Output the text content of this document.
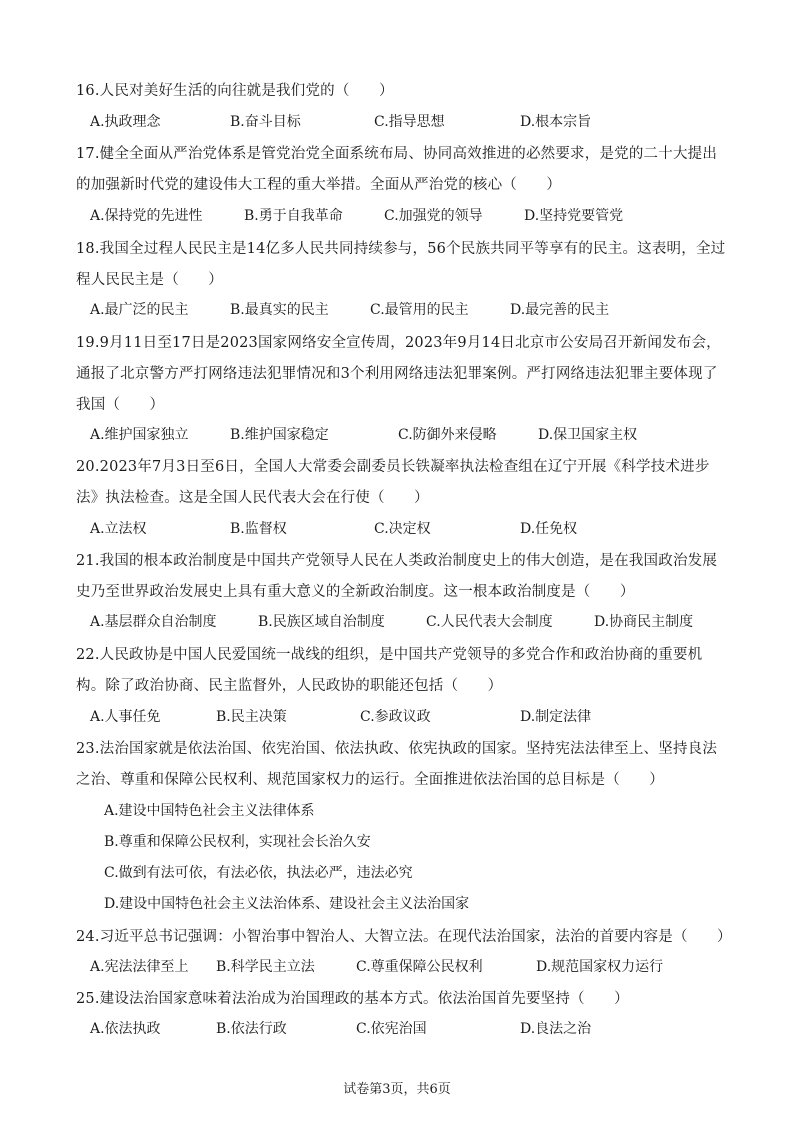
16.人民对美好生活的向往就是我们党的（　　）
A.执政理念	B.奋斗目标	C.指导思想	D.根本宗旨
17.健全全面从严治党体系是管党治党全面系统布局、协同高效推进的必然要求，是党的二十大提出的加强新时代党的建设伟大工程的重大举措。全面从严治党的核心（　　）
A.保持党的先进性	B.勇于自我革命	C.加强党的领导	D.坚持党要管党
18.我国全过程人民民主是14亿多人民共同持续参与，56个民族共同平等享有的民主。这表明，全过程人民民主是（　　）
A.最广泛的民主	B.最真实的民主	C.最管用的民主	D.最完善的民主
19.9月11日至17日是2023国家网络安全宣传周，2023年9月14日北京市公安局召开新闻发布会，通报了北京警方严打网络违法犯罪情况和3个利用网络违法犯罪案例。严打网络违法犯罪主要体现了我国（　　）
A.维护国家独立	B.维护国家稳定	C.防御外来侵略	D.保卫国家主权
20.2023年7月3日至6日，全国人大常委会副委员长铁凝率执法检查组在辽宁开展《科学技术进步法》执法检查。这是全国人民代表大会在行使（　　）
A.立法权	B.监督权	C.决定权	D.任免权
21.我国的根本政治制度是中国共产党领导人民在人类政治制度史上的伟大创造，是在我国政治发展史乃至世界政治发展史上具有重大意义的全新政治制度。这一根本政治制度是（　　）
A.基层群众自治制度	B.民族区域自治制度	C.人民代表大会制度	D.协商民主制度
22.人民政协是中国人民爱国统一战线的组织，是中国共产党领导的多党合作和政治协商的重要机构。除了政治协商、民主监督外，人民政协的职能还包括（　　）
A.人事任免	B.民主决策	C.参政议政	D.制定法律
23.法治国家就是依法治国、依宪治国、依法执政、依宪执政的国家。坚持宪法法律至上、坚持良法之治、尊重和保障公民权利、规范国家权力的运行。全面推进依法治国的总目标是（　　）
A.建设中国特色社会主义法律体系
B.尊重和保障公民权利，实现社会长治久安
C.做到有法可依，有法必依，执法必严，违法必究
D.建设中国特色社会主义法治体系、建设社会主义法治国家
24.习近平总书记强调：小智治事中智治人、大智立法。在现代法治国家，法治的首要内容是（　　）
A.宪法法律至上 B.科学民主立法	C.尊重保障公民权利	D.规范国家权力运行
25.建设法治国家意味着法治成为治国理政的基本方式。依法治国首先要坚持（　　）
A.依法执政	B.依法行政	C.依宪治国	D.良法之治
试卷第3页，共6页
